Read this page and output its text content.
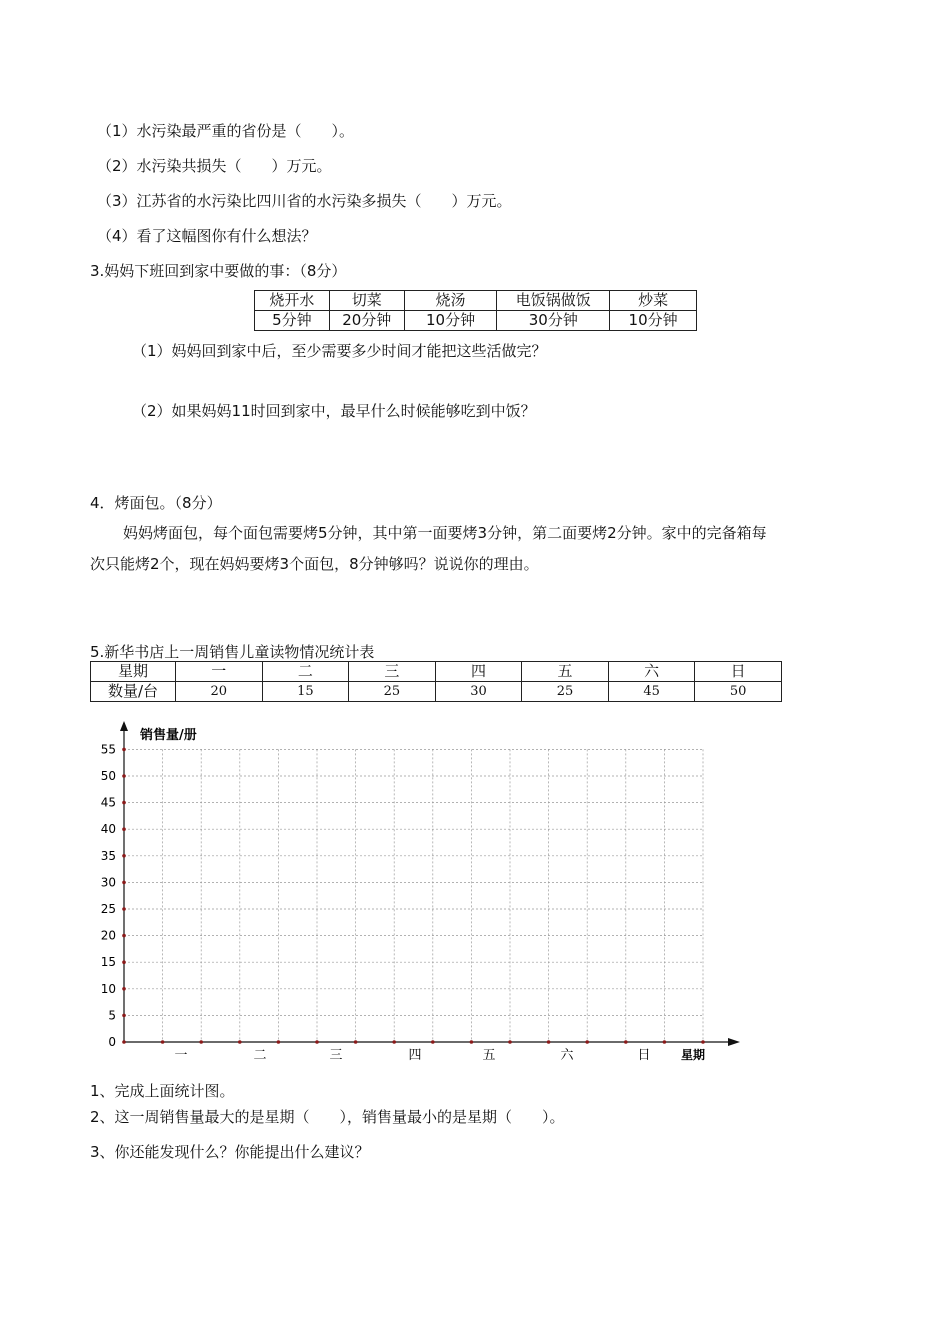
（1）水污染最严重的省份是（　　）。
（2）水污染共损失（　　）万元。
（3）江苏省的水污染比四川省的水污染多损失（　　）万元。
（4）看了这幅图你有什么想法？
3.妈妈下班回到家中要做的事：（8分）
烧开水	切菜	烧汤	电饭锅做饭	炒菜
5分钟	20分钟	10分钟	30分钟	10分钟
（1）妈妈回到家中后，至少需要多少时间才能把这些活做完？
（2）如果妈妈11时回到家中，最早什么时候能够吃到中饭？
4．烤面包。（8分）
妈妈烤面包，每个面包需要烤5分钟，其中第一面要烤3分钟，第二面要烤2分钟。家中的完备箱每
次只能烤2个，现在妈妈要烤3个面包，8分钟够吗？说说你的理由。
5.新华书店上一周销售儿童读物情况统计表
星期	一	二	三	四	五	六	日
数量/台	20	15	25	30	25	45	50
0
5
10
15
20
25
30
35
40
45
50
55
一	二	三	四	五	六	日
销售量/册
星期
1、完成上面统计图。
2、这一周销售量最大的是星期（　　），销售量最小的是星期（　　）。
3、你还能发现什么？你能提出什么建议？
